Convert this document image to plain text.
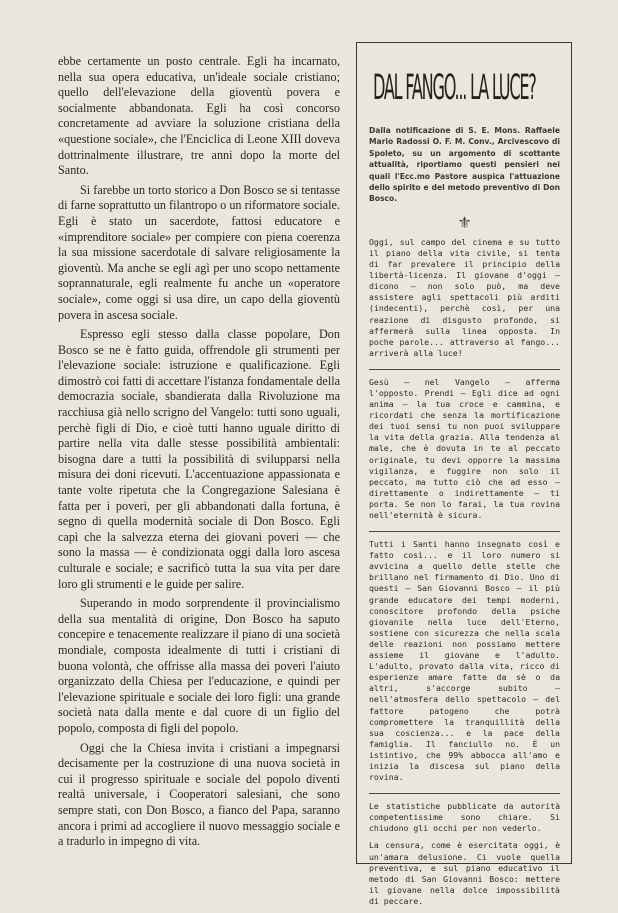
ebbe certamente un posto centrale. Egli ha incarnato, nella sua opera educativa, un'ideale sociale cristiano; quello dell'elevazione della gioventù povera e socialmente abbandonata. Egli ha così concorso concretamente ad avviare la soluzione cristiana della «questione sociale», che l'Enciclica di Leone XIII doveva dottrinalmente illustrare, tre anni dopo la morte del Santo.

Si farebbe un torto storico a Don Bosco se si tentasse di farne soprattutto un filantropo o un riformatore sociale. Egli è stato un sacerdote, fattosi educatore e «imprenditore sociale» per compiere con piena coerenza la sua missione sacerdotale di salvare religiosamente la gioventù. Ma anche se egli agì per uno scopo nettamente soprannaturale, egli realmente fu anche un «operatore sociale», come oggi si usa dire, un capo della gioventù povera in ascesa sociale.

Espresso egli stesso dalla classe popolare, Don Bosco se ne è fatto guida, offrendole gli strumenti per l'elevazione sociale: istruzione e qualificazione. Egli dimostrò coi fatti di accettare l'istanza fondamentale della democrazia sociale, sbandierata dalla Rivoluzione ma racchiusa già nello scrigno del Vangelo: tutti sono uguali, perchè figli di Dio, e cioè tutti hanno uguale diritto di partire nella vita dalle stesse possibilità ambientali: bisogna dare a tutti la possibilità di svilupparsi nella misura dei doni ricevuti. L'accentuazione appassionata e tante volte ripetuta che la Congregazione Salesiana è fatta per i poveri, per gli abbandonati dalla fortuna, è segno di quella modernità sociale di Don Bosco. Egli capì che la salvezza eterna dei giovani poveri — che sono la massa — è condizionata oggi dalla loro ascesa culturale e sociale; e sacrificò tutta la sua vita per dare loro gli strumenti e le guide per salire.

Superando in modo sorprendente il provincialismo della sua mentalità di origine, Don Bosco ha saputo concepire e tenacemente realizzare il piano di una società mondiale, composta idealmente di tutti i cristiani di buona volontà, che offrisse alla massa dei poveri l'aiuto organizzato della Chiesa per l'educazione, e quindi per l'elevazione spirituale e sociale dei loro figli: una grande società nata dalla mente e dal cuore di un figlio del popolo, composta di figli del popolo.

Oggi che la Chiesa invita i cristiani a impegnarsi decisamente per la costruzione di una nuova società in cui il progresso spirituale e sociale del popolo diventi realtà universale, i Cooperatori salesiani, che sono sempre stati, con Don Bosco, a fianco del Papa, saranno ancora i primi ad accogliere il nuovo messaggio sociale e a tradurlo in impegno di vita.

DAL FANGO... LA LUCE?
Dalla notificazione di S. E. Mons. Raffaele Mario Radossi O. F. M. Conv., Arcivescovo di Spoleto, su un argomento di scottante attualità, riportiamo questi pensieri nei quali l'Ecc.mo Pastore auspica l'attuazione dello spirito e del metodo preventivo di Don Bosco.
⚜
Oggi, sul campo del cinema e su tutto il piano della vita civile, si tenta di far prevalere il principio della libertà-licenza. Il giovane d'oggi — dicono — non solo può, ma deve assistere agli spettacoli più arditi (indecenti), perchè così, per una reazione di disgusto profondo, si affermerà sulla linea opposta. In poche parole... attraverso al fango... arriverà alla luce!
Gesù — nel Vangelo — afferma l'opposto. Prendi — Egli dice ad ogni anima — la tua croce e cammina, e ricordati che senza la mortificazione dei tuoi sensi tu non puoi sviluppare la vita della grazia. Alla tendenza al male, che è dovuta in te al peccato originale, tu devi opporre la massima vigilanza, e fuggire non solo il peccato, ma tutto ciò che ad esso — direttamente o indirettamente — ti porta. Se non lo farai, la tua rovina nell'eternità è sicura.
Tutti i Santi hanno insegnato così e fatto così... e il loro numero si avvicina a quello delle stelle che brillano nel firmamento di Dio. Uno di questi — San Giovanni Bosco — il più grande educatore dei tempi moderni, conoscitore profondo della psiche giovanile nella luce dell'Eterno, sostiene con sicurezza che nella scala delle reazioni non possiamo mettere assieme il giovane e l'adulto. L'adulto, provato dalla vita, ricco di esperienze amare fatte da sè o da altri, s'accorge subito — nell'atmosfera dello spettacolo — del fattore patogeno che potrà compromettere la tranquillità della sua coscienza... e la pace della famiglia. Il fanciullo no. È un istintivo, che 99% abbocca all'amo e inizia la discesa sul piano della rovina.
Le statistiche pubblicate da autorità competentissime sono chiare. Si chiudono gli occhi per non vederlo.
La censura, come è esercitata oggi, è un'amara delusione. Ci vuole quella preventiva, e sul piano educativo il metodo di San Giovanni Bosco: mettere il giovane nella dolce impossibilità di peccare.
